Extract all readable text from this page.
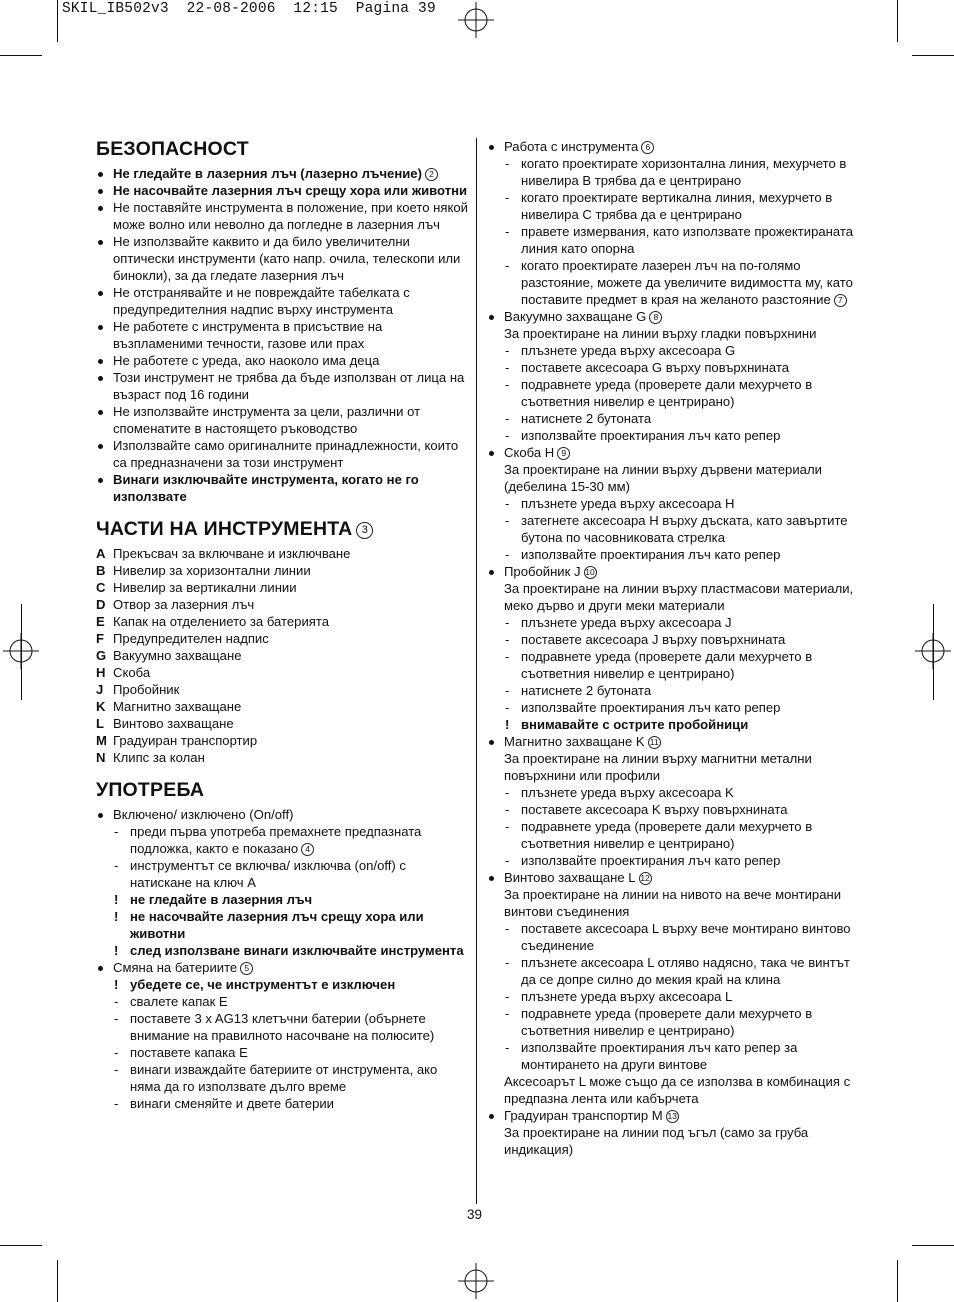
SKIL_IB502v3  22-08-2006  12:15  Pagina 39
БЕЗОПАСНОСТ
Не гледайте в лазерния лъч (лазерно лъчение) 2
Не насочвайте лазерния лъч срещу хора или животни
Не поставяйте инструмента в положение, при което някой може волно или неволно да погледне в лазерния лъч
Не използвайте каквито и да било увеличителни оптически инструменти (като напр. очила, телескопи или бинокли), за да гледате лазерния лъч
Не отстранявайте и не повреждайте табелката с предупредителния надпис върху инструмента
Не работете с инструмента в присъствие на възпламеними течности, газове или прах
Не работете с уреда, ако наоколо има деца
Този инструмент не трябва да бъде използван от лица на възраст под 16 години
Не използвайте инструмента за цели, различни от споменатите в настоящето ръководство
Използвайте само оригиналните принадлежности, които са предназначени за този инструмент
Винаги изключвайте инструмента, когато не го използвате
ЧАСТИ НА ИНСТРУМЕНТА 3
A Прекъсвач за включване и изключване
B Нивелир за хоризонтални линии
C Нивелир за вертикални линии
D Отвор за лазерния лъч
E Капак на отделението за батерията
F Предупредителен надпис
G Вакуумно захващане
H Скоба
J Пробойник
K Магнитно захващане
L Винтово захващане
M Градуиран транспортир
N Клипс за колан
УПОТРЕБА
Включено/ изключено (On/off)
- преди първа употреба премахнете предпазната подложка, както е показано 4
- инструментът се включва/ изключва (on/off) с натискане на ключ A
! не гледайте в лазерния лъч
! не насочвайте лазерния лъч срещу хора или животни
! след използване винаги изключвайте инструмента
Смяна на батериите 5
! убедете се, че инструментът е изключен
- свалете капак E
- поставете 3 x AG13 клетъчни батерии (обърнете внимание на правилното насочване на полюсите)
- поставете капака E
- винаги изваждайте батериите от инструмента, ако няма да го използвате дълго време
- винаги сменяйте и двете батерии
Работа с инструмента 6
- когато проектирате хоризонтална линия, мехурчето в нивелира B трябва да е центрирано
- когато проектирате вертикална линия, мехурчето в нивелира C трябва да е центрирано
- правете измервания, като използвате прожектираната линия като опорна
- когато проектирате лазерен лъч на по-голямо разстояние, можете да увеличите видимостта му, като поставите предмет в края на желаното разстояние 7
Вакуумно захващане G 8
За проектиране на линии върху гладки повърхнини
- плъзнете уреда върху аксесоара G
- поставете аксесоара G върху повърхнината
- подравнете уреда (проверете дали мехурчето в съответния нивелир е центрирано)
- натиснете 2 бутоната
- използвайте проектирания лъч като репер
Скоба H 9
За проектиране на линии върху дървени материали (дебелина 15-30 мм)
- плъзнете уреда върху аксесоара H
- затегнете аксесоара H върху дъската, като завъртите бутона по часовниковата стрелка
- използвайте проектирания лъч като репер
Пробойник J 10
За проектиране на линии върху пластмасови материали, меко дърво и други меки материали
- плъзнете уреда върху аксесоара J
- поставете аксесоара J върху повърхнината
- подравнете уреда (проверете дали мехурчето в съответния нивелир е центрирано)
- натиснете 2 бутоната
- използвайте проектирания лъч като репер
! внимавайте с острите пробойници
Магнитно захващане K 11
За проектиране на линии върху магнитни метални повърхнини или профили
- плъзнете уреда върху аксесоара K
- поставете аксесоара K върху повърхнината
- подравнете уреда (проверете дали мехурчето в съответния нивелир е центрирано)
- използвайте проектирания лъч като репер
Винтово захващане L 12
За проектиране на линии на нивото на вече монтирани винтови съединения
- поставете аксесоара L върху вече монтирано винтово съединение
- плъзнете аксесоара L отляво надясно, така че винтът да се допре силно до мекия край на клина
- плъзнете уреда върху аксесоара L
- подравнете уреда (проверете дали мехурчето в съответния нивелир е центрирано)
- използвайте проектирания лъч като репер за монтирането на други винтове
Аксесоарът L може също да се използва в комбинация с предпазна лента или кабърчета
Градуиран транспортир M 13
За проектиране на линии под ъгъл (само за груба индикация)
39
